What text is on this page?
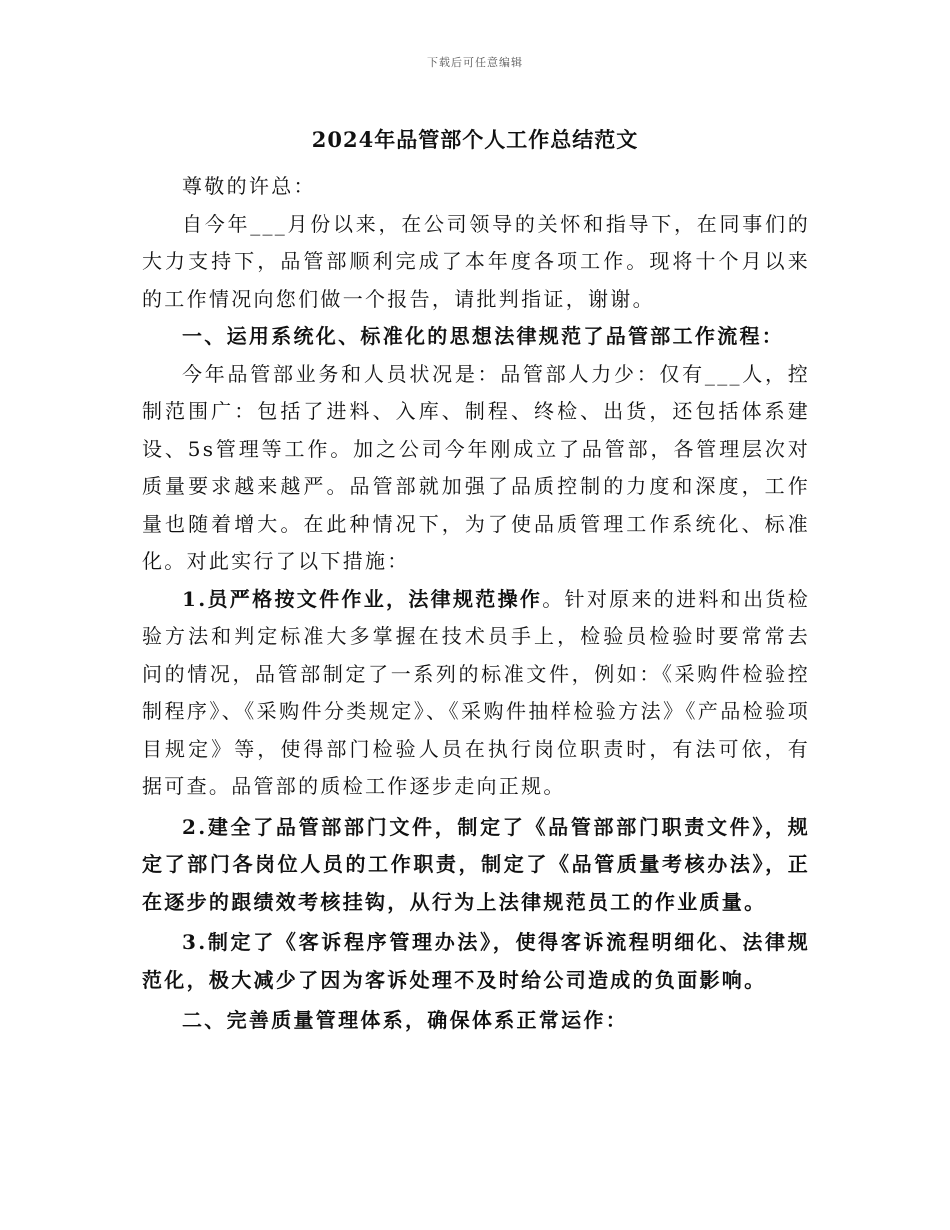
下载后可任意编辑
2024年品管部个人工作总结范文

尊敬的许总：

自今年___月份以来，在公司领导的关怀和指导下，在同事们的大力支持下，品管部顺利完成了本年度各项工作。现将十个月以来的工作情况向您们做一个报告，请批判指证，谢谢。

一、运用系统化、标准化的思想法律规范了品管部工作流程：

今年品管部业务和人员状况是：品管部人力少：仅有___人，控制范围广：包括了进料、入库、制程、终检、出货，还包括体系建设、5s管理等工作。加之公司今年刚成立了品管部，各管理层次对质量要求越来越严。品管部就加强了品质控制的力度和深度，工作量也随着增大。在此种情况下，为了使品质管理工作系统化、标准化。对此实行了以下措施：

1.员严格按文件作业，法律规范操作。针对原来的进料和出货检验方法和判定标准大多掌握在技术员手上，检验员检验时要常常去问的情况，品管部制定了一系列的标准文件，例如：《采购件检验控制程序》、《采购件分类规定》、《采购件抽样检验方法》《产品检验项目规定》等，使得部门检验人员在执行岗位职责时，有法可依，有据可查。品管部的质检工作逐步走向正规。

2.建全了品管部部门文件，制定了《品管部部门职责文件》，规定了部门各岗位人员的工作职责，制定了《品管质量考核办法》，正在逐步的跟绩效考核挂钩，从行为上法律规范员工的作业质量。

3.制定了《客诉程序管理办法》，使得客诉流程明细化、法律规范化，极大减少了因为客诉处理不及时给公司造成的负面影响。

二、完善质量管理体系，确保体系正常运作：
